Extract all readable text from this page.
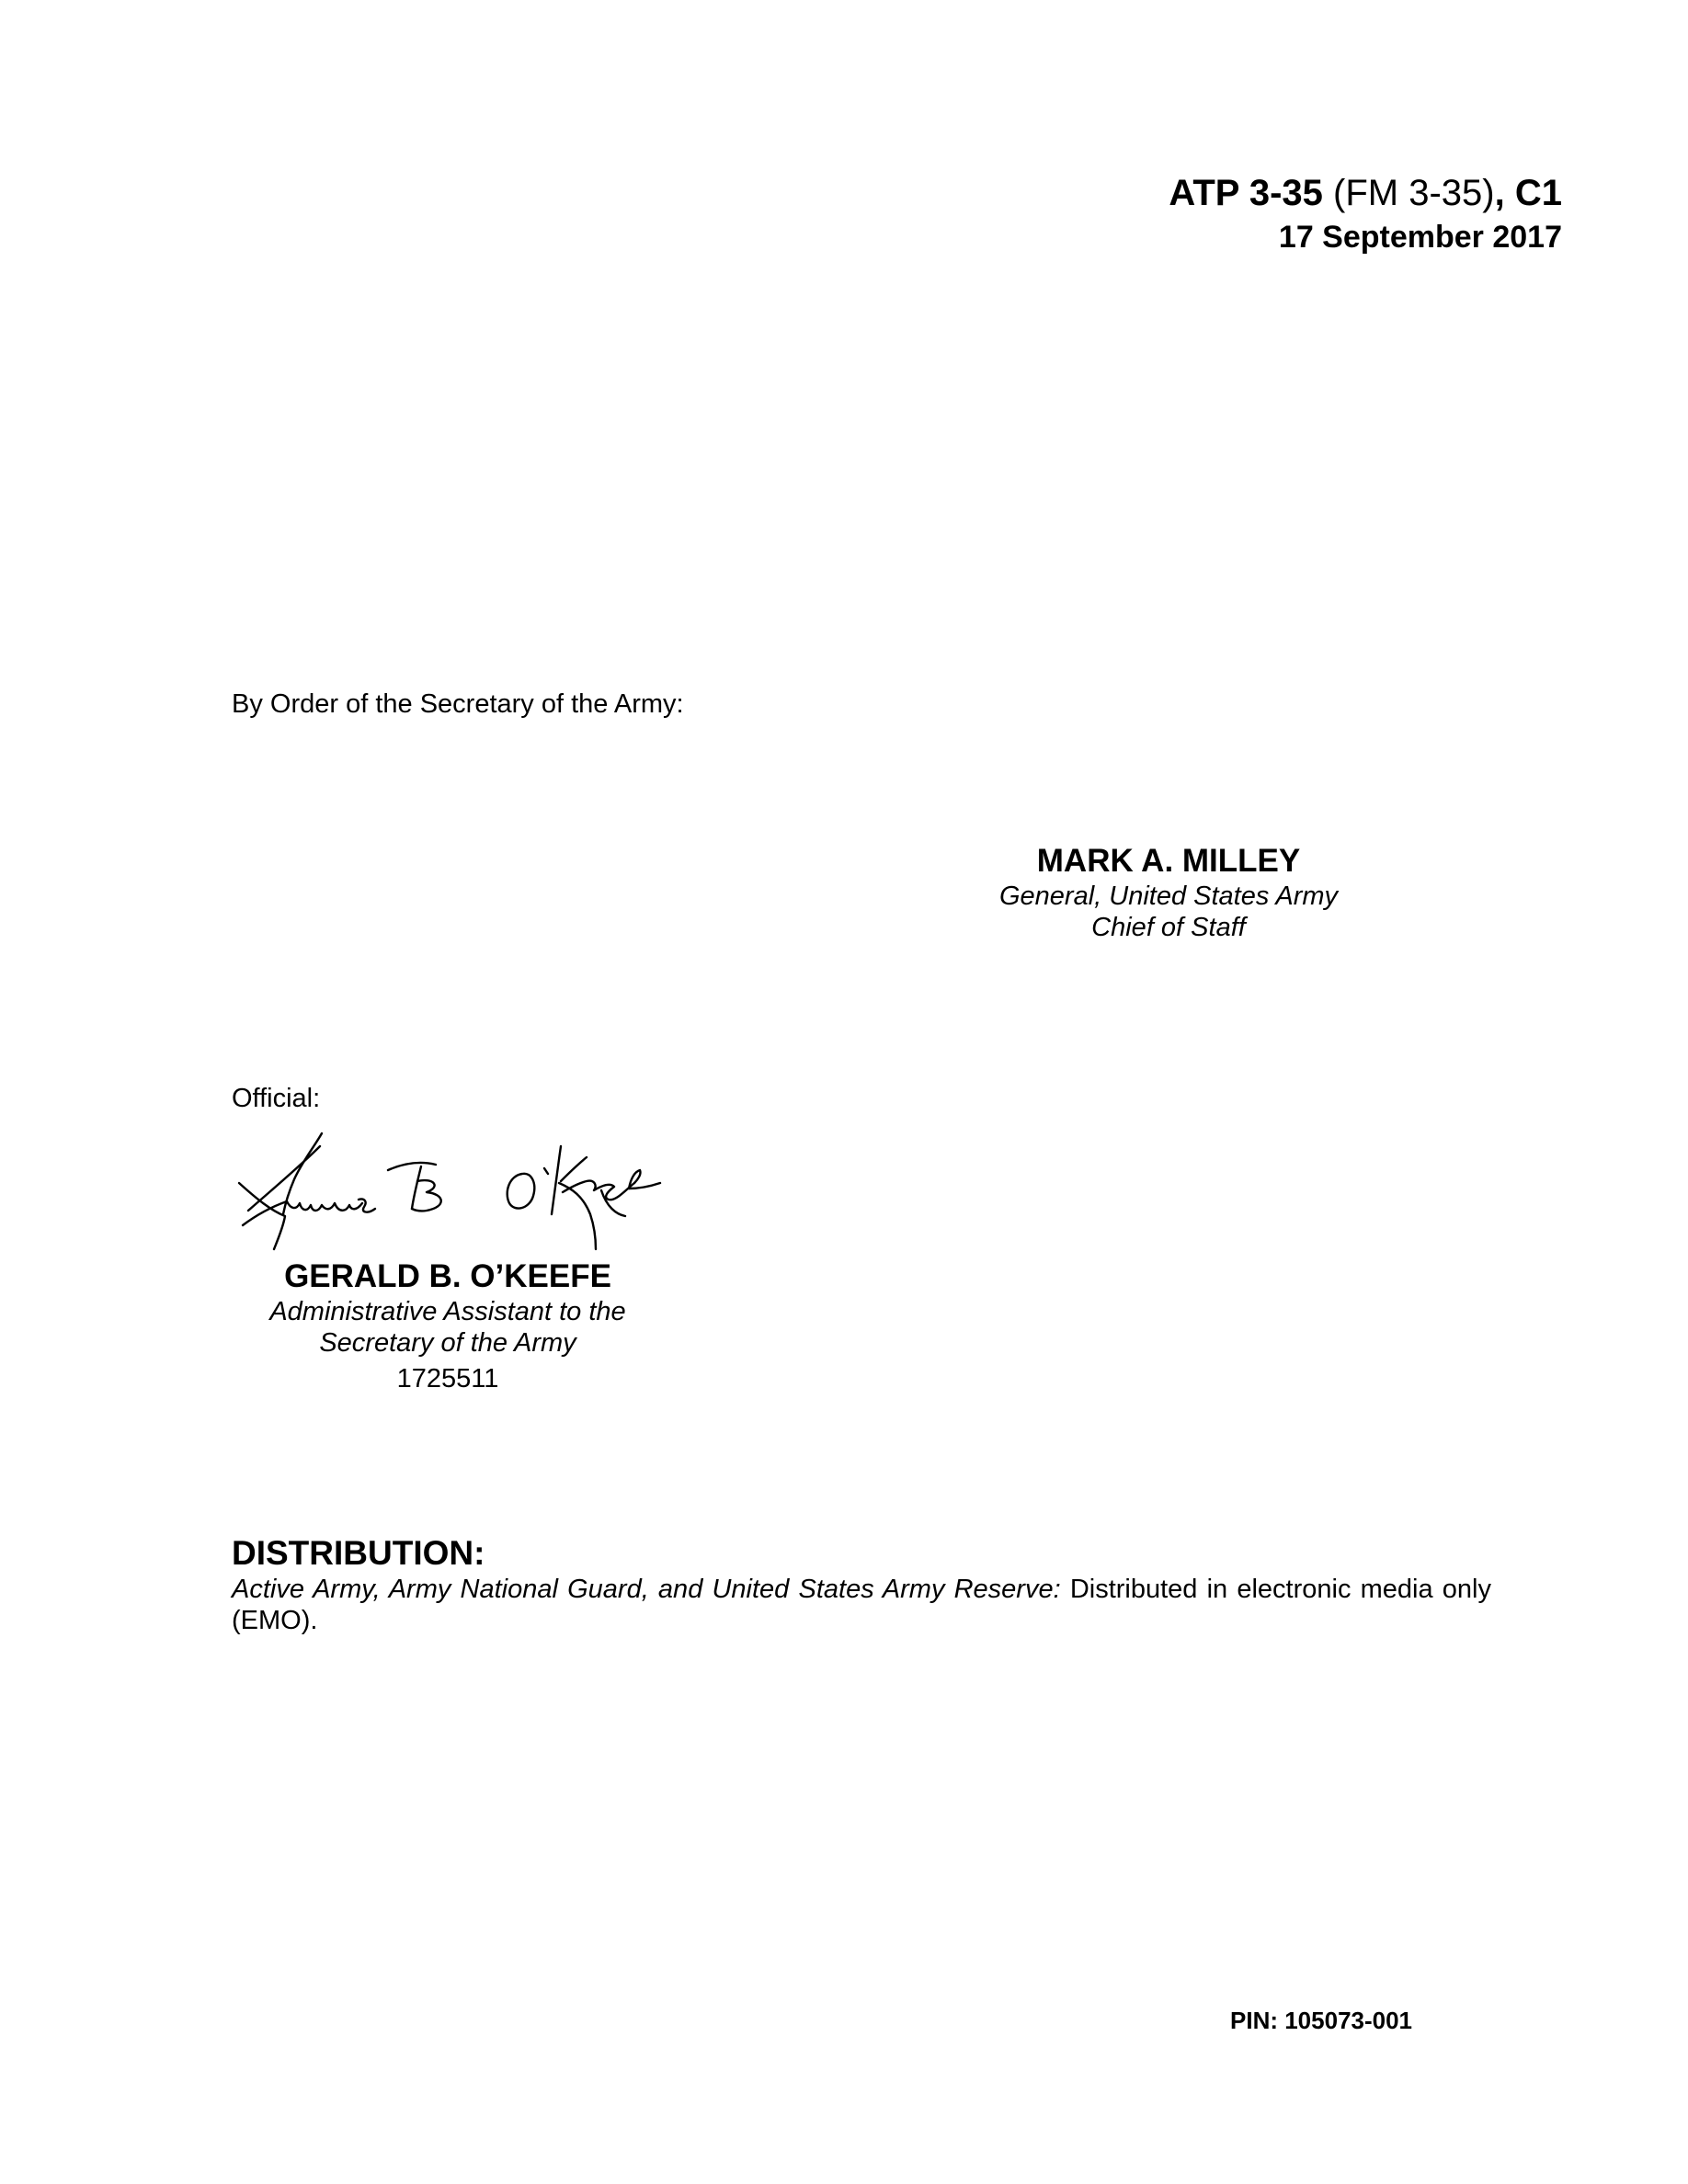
ATP 3-35 (FM 3-35), C1
17 September 2017
By Order of the Secretary of the Army:
MARK A. MILLEY
General, United States Army
Chief of Staff
Official:
GERALD B. O’KEEFE
Administrative Assistant to the
Secretary of the Army
1725511
DISTRIBUTION:
Active Army, Army National Guard, and United States Army Reserve: Distributed in electronic media only (EMO).
PIN: 105073-001
